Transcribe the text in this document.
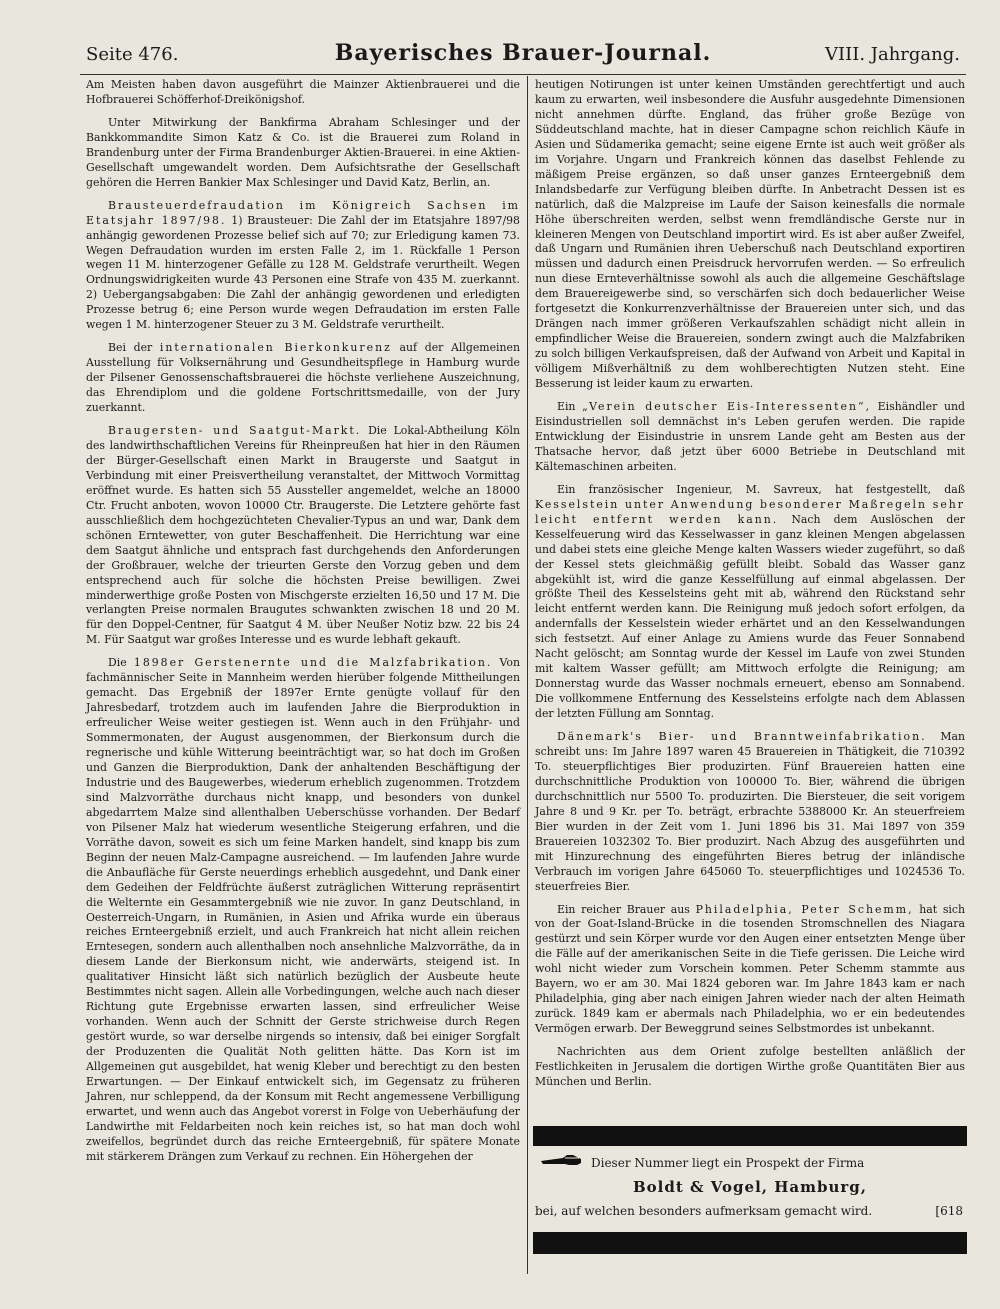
Seite 476.	Bayerisches Brauer-Journal.	VIII. Jahrgang.

Am Meisten haben davon ausgeführt die Mainzer Aktienbrauerei und die Hofbrauerei Schöfferhof-Dreikönigshof.

Unter Mitwirkung der Bankfirma Abraham Schlesinger und der Bankkommandite Simon Katz & Co. ist die Brauerei zum Roland in Brandenburg unter der Firma Brandenburger Aktien-Brauerei. in eine Aktien-Gesellschaft umgewandelt worden. Dem Aufsichtsrathe der Gesellschaft gehören die Herren Bankier Max Schlesinger und David Katz, Berlin, an.

Brausteuerdefraudation im Königreich Sachsen im Etatsjahr 1897/98. 1) Brausteuer: Die Zahl der im Etatsjahre 1897/98 anhängig gewordenen Prozesse belief sich auf 70; zur Erledigung kamen 73. Wegen Defraudation wurden im ersten Falle 2, im 1. Rückfalle 1 Person wegen 11 M. hinterzogener Gefälle zu 128 M. Geldstrafe verurtheilt. Wegen Ordnungswidrigkeiten wurde 43 Personen eine Strafe von 435 M. zuerkannt. 2) Uebergangsabgaben: Die Zahl der anhängig gewordenen und erledigten Prozesse betrug 6; eine Person wurde wegen Defraudation im ersten Falle wegen 1 M. hinterzogener Steuer zu 3 M. Geldstrafe verurtheilt.

Bei der internationalen Bierkonkurenz auf der Allgemeinen Ausstellung für Volksernährung und Gesundheitspflege in Hamburg wurde der Pilsener Genossenschaftsbrauerei die höchste verliehene Auszeichnung, das Ehrendiplom und die goldene Fortschrittsmedaille, von der Jury zuerkannt.

Braugersten- und Saatgut-Markt. Die Lokal-Abtheilung Köln des landwirthschaftlichen Vereins für Rheinpreußen hat hier in den Räumen der Bürger-Gesellschaft einen Markt in Braugerste und Saatgut in Verbindung mit einer Preisvertheilung veranstaltet, der Mittwoch Vormittag eröffnet wurde. Es hatten sich 55 Aussteller angemeldet, welche an 18000 Ctr. Frucht anboten, wovon 10000 Ctr. Braugerste. Die Letztere gehörte fast ausschließlich dem hochgezüchteten Chevalier-Typus an und war, Dank dem schönen Erntewetter, von guter Beschaffenheit. Die Herrichtung war eine dem Saatgut ähnliche und entsprach fast durchgehends den Anforderungen der Großbrauer, welche der trieurten Gerste den Vorzug geben und dem entsprechend auch für solche die höchsten Preise bewilligen. Zwei minderwerthige große Posten von Mischgerste erzielten 16,50 und 17 M. Die verlangten Preise normalen Braugutes schwankten zwischen 18 und 20 M. für den Doppel-Centner, für Saatgut 4 M. über Neußer Notiz bzw. 22 bis 24 M. Für Saatgut war großes Interesse und es wurde lebhaft gekauft.

Die 1898er Gerstenernte und die Malzfabrikation. Von fachmännischer Seite in Mannheim werden hierüber folgende Mittheilungen gemacht. Das Ergebniß der 1897er Ernte genügte vollauf für den Jahresbedarf, trotzdem auch im laufenden Jahre die Bierproduktion in erfreulicher Weise weiter gestiegen ist. Wenn auch in den Frühjahr- und Sommermonaten, der August ausgenommen, der Bierkonsum durch die regnerische und kühle Witterung beeinträchtigt war, so hat doch im Großen und Ganzen die Bierproduktion, Dank der anhaltenden Beschäftigung der Industrie und des Baugewerbes, wiederum erheblich zugenommen. Trotzdem sind Malzvorräthe durchaus nicht knapp, und besonders von dunkel abgedarrtem Malze sind allenthalben Ueberschüsse vorhanden. Der Bedarf von Pilsener Malz hat wiederum wesentliche Steigerung erfahren, und die Vorräthe davon, soweit es sich um feine Marken handelt, sind knapp bis zum Beginn der neuen Malz-Campagne ausreichend. — Im laufenden Jahre wurde die Anbaufläche für Gerste neuerdings erheblich ausgedehnt, und Dank einer dem Gedeihen der Feldfrüchte äußerst zuträglichen Witterung repräsentirt die Welternte ein Gesammtergebniß wie nie zuvor. In ganz Deutschland, in Oesterreich-Ungarn, in Rumänien, in Asien und Afrika wurde ein überaus reiches Ernteergebniß erzielt, und auch Frankreich hat nicht allein reichen Erntesegen, sondern auch allenthalben noch ansehnliche Malzvorräthe, da in diesem Lande der Bierkonsum nicht, wie anderwärts, steigend ist. In qualitativer Hinsicht läßt sich natürlich bezüglich der Ausbeute heute Bestimmtes nicht sagen. Allein alle Vorbedingungen, welche auch nach dieser Richtung gute Ergebnisse erwarten lassen, sind erfreulicher Weise vorhanden. Wenn auch der Schnitt der Gerste strichweise durch Regen gestört wurde, so war derselbe nirgends so intensiv, daß bei einiger Sorgfalt der Produzenten die Qualität Noth gelitten hätte. Das Korn ist im Allgemeinen gut ausgebildet, hat wenig Kleber und berechtigt zu den besten Erwartungen. — Der Einkauf entwickelt sich, im Gegensatz zu früheren Jahren, nur schleppend, da der Konsum mit Recht angemessene Verbilligung erwartet, und wenn auch das Angebot vorerst in Folge von Ueberhäufung der Landwirthe mit Feldarbeiten noch kein reiches ist, so hat man doch wohl zweifellos, begründet durch das reiche Ernteergebniß, für spätere Monate mit stärkerem Drängen zum Verkauf zu rechnen. Ein Höhergehen der

heutigen Notirungen ist unter keinen Umständen gerechtfertigt und auch kaum zu erwarten, weil insbesondere die Ausfuhr ausgedehnte Dimensionen nicht annehmen dürfte. England, das früher große Bezüge von Süddeutschland machte, hat in dieser Campagne schon reichlich Käufe in Asien und Südamerika gemacht; seine eigene Ernte ist auch weit größer als im Vorjahre. Ungarn und Frankreich können das daselbst Fehlende zu mäßigem Preise ergänzen, so daß unser ganzes Ernteergebniß dem Inlandsbedarfe zur Verfügung bleiben dürfte. In Anbetracht Dessen ist es natürlich, daß die Malzpreise im Laufe der Saison keinesfalls die normale Höhe überschreiten werden, selbst wenn fremdländische Gerste nur in kleineren Mengen von Deutschland importirt wird. Es ist aber außer Zweifel, daß Ungarn und Rumänien ihren Ueberschuß nach Deutschland exportiren müssen und dadurch einen Preisdruck hervorrufen werden. — So erfreulich nun diese Ernteverhältnisse sowohl als auch die allgemeine Geschäftslage dem Brauereigewerbe sind, so verschärfen sich doch bedauerlicher Weise fortgesetzt die Konkurrenzverhältnisse der Brauereien unter sich, und das Drängen nach immer größeren Verkaufszahlen schädigt nicht allein in empfindlicher Weise die Brauereien, sondern zwingt auch die Malzfabriken zu solch billigen Verkaufspreisen, daß der Aufwand von Arbeit und Kapital in völligem Mißverhältniß zu dem wohlberechtigten Nutzen steht. Eine Besserung ist leider kaum zu erwarten.

Ein „Verein deutscher Eis-Interessenten“, Eishändler und Eisindustriellen soll demnächst in's Leben gerufen werden. Die rapide Entwicklung der Eisindustrie in unsrem Lande geht am Besten aus der Thatsache hervor, daß jetzt über 6000 Betriebe in Deutschland mit Kältemaschinen arbeiten.

Ein französischer Ingenieur, M. Savreux, hat festgestellt, daß Kesselstein unter Anwendung besonderer Maßregeln sehr leicht entfernt werden kann. Nach dem Auslöschen der Kesselfeuerung wird das Kesselwasser in ganz kleinen Mengen abgelassen und dabei stets eine gleiche Menge kalten Wassers wieder zugeführt, so daß der Kessel stets gleichmäßig gefüllt bleibt. Sobald das Wasser ganz abgekühlt ist, wird die ganze Kesselfüllung auf einmal abgelassen. Der größte Theil des Kesselsteins geht mit ab, während den Rückstand sehr leicht entfernt werden kann. Die Reinigung muß jedoch sofort erfolgen, da andernfalls der Kesselstein wieder erhärtet und an den Kesselwandungen sich festsetzt. Auf einer Anlage zu Amiens wurde das Feuer Sonnabend Nacht gelöscht; am Sonntag wurde der Kessel im Laufe von zwei Stunden mit kaltem Wasser gefüllt; am Mittwoch erfolgte die Reinigung; am Donnerstag wurde das Wasser nochmals erneuert, ebenso am Sonnabend. Die vollkommene Entfernung des Kesselsteins erfolgte nach dem Ablassen der letzten Füllung am Sonntag.

Dänemark's Bier- und Branntweinfabrikation. Man schreibt uns: Im Jahre 1897 waren 45 Brauereien in Thätigkeit, die 710392 To. steuerpflichtiges Bier produzirten. Fünf Brauereien hatten eine durchschnittliche Produktion von 100000 To. Bier, während die übrigen durchschnittlich nur 5500 To. produzirten. Die Biersteuer, die seit vorigem Jahre 8 und 9 Kr. per To. beträgt, erbrachte 5388000 Kr. An steuerfreiem Bier wurden in der Zeit vom 1. Juni 1896 bis 31. Mai 1897 von 359 Brauereien 1032302 To. Bier produzirt. Nach Abzug des ausgeführten und mit Hinzurechnung des eingeführten Bieres betrug der inländische Verbrauch im vorigen Jahre 645060 To. steuerpflichtiges und 1024536 To. steuerfreies Bier.

Ein reicher Brauer aus Philadelphia, Peter Schemm, hat sich von der Goat-Island-Brücke in die tosenden Stromschnellen des Niagara gestürzt und sein Körper wurde vor den Augen einer entsetzten Menge über die Fälle auf der amerikanischen Seite in die Tiefe gerissen. Die Leiche wird wohl nicht wieder zum Vorschein kommen. Peter Schemm stammte aus Bayern, wo er am 30. Mai 1824 geboren war. Im Jahre 1843 kam er nach Philadelphia, ging aber nach einigen Jahren wieder nach der alten Heimath zurück. 1849 kam er abermals nach Philadelphia, wo er ein bedeutendes Vermögen erwarb. Der Beweggrund seines Selbstmordes ist unbekannt.

Nachrichten aus dem Orient zufolge bestellten anläßlich der Festlichkeiten in Jerusalem die dortigen Wirthe große Quantitäten Bier aus München und Berlin.

Dieser Nummer liegt ein Prospekt der Firma
Boldt & Vogel, Hamburg,
bei, auf welchen besonders aufmerksam gemacht wird.	[618
